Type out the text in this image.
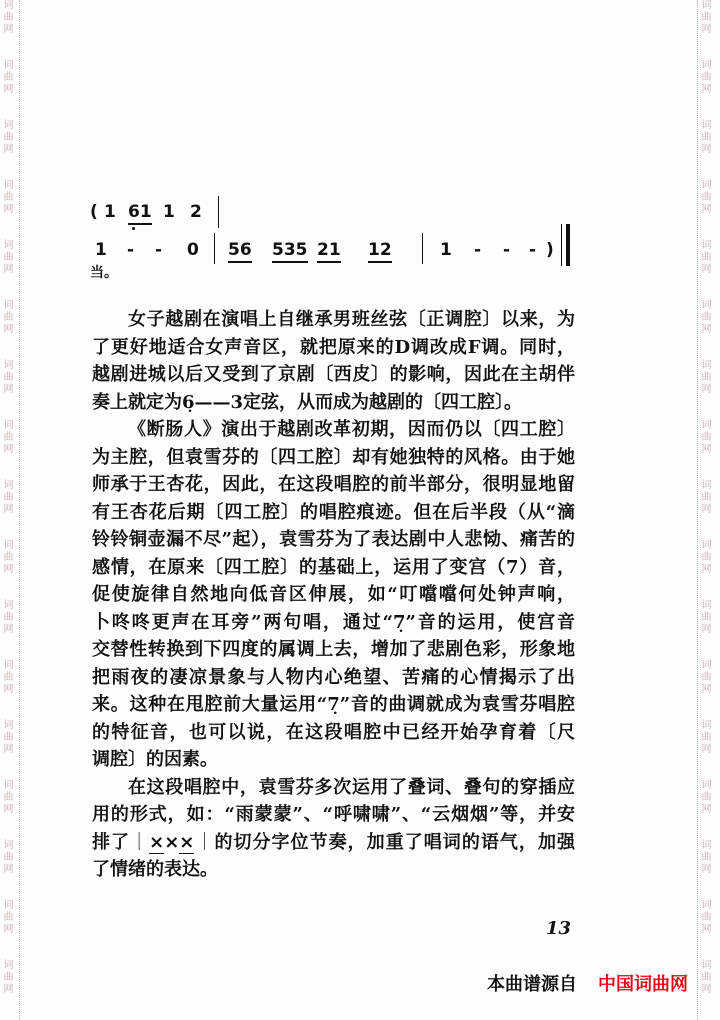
词曲网
词曲网
词曲网
词曲网
词曲网
词曲网
词曲网
词曲网
词曲网
词曲网
词曲网
词曲网
词曲网
词曲网
词曲网
词曲网
词曲网
词曲网
词曲网
词曲网
词曲网
词曲网
词曲网
词曲网
词曲网
词曲网
词曲网
词曲网
词曲网
词曲网
词曲网
词曲网
词曲网
词曲网
( 1 61 1 2
1 - - 0 56 535 21 12	1 - - - )
当。
女子越剧在演唱上自继承男班丝弦〔正调腔〕以来，为
了更好地适合女声音区，就把原来的D调改成F调。同时，
越剧进城以后又受到了京剧〔西皮〕的影响，因此在主胡伴
奏上就定为6̣——3定弦，从而成为越剧的〔四工腔〕。
《断肠人》演出于越剧改革初期，因而仍以〔四工腔〕
为主腔，但袁雪芬的〔四工腔〕却有她独特的风格。由于她
师承于王杏花，因此，在这段唱腔的前半部分，很明显地留
有王杏花后期〔四工腔〕的唱腔痕迹。但在后半段（从“滴
铃铃铜壶漏不尽”起），袁雪芬为了表达剧中人悲恸、痛苦的
感情，在原来〔四工腔〕的基础上，运用了变宫（7）音，
促使旋律自然地向低音区伸展，如“叮噹噹何处钟声响，
卜咚咚更声在耳旁”两句唱，通过“7̣”音的运用，使宫音
交替性转换到下四度的属调上去，增加了悲剧色彩，形象地
把雨夜的凄凉景象与人物内心绝望、苦痛的心情揭示了出
来。这种在甩腔前大量运用“7̣”音的曲调就成为袁雪芬唱腔
的特征音，也可以说，在这段唱腔中已经开始孕育着〔尺
调腔〕的因素。
在这段唱腔中，袁雪芬多次运用了叠词、叠句的穿插应
用的形式，如：“雨蒙蒙”、“呼啸啸”、“云烟烟”等，并安
排了｜×××｜的切分字位节奏，加重了唱词的语气，加强
了情绪的表达。
13
本曲谱源自 中国词曲网
